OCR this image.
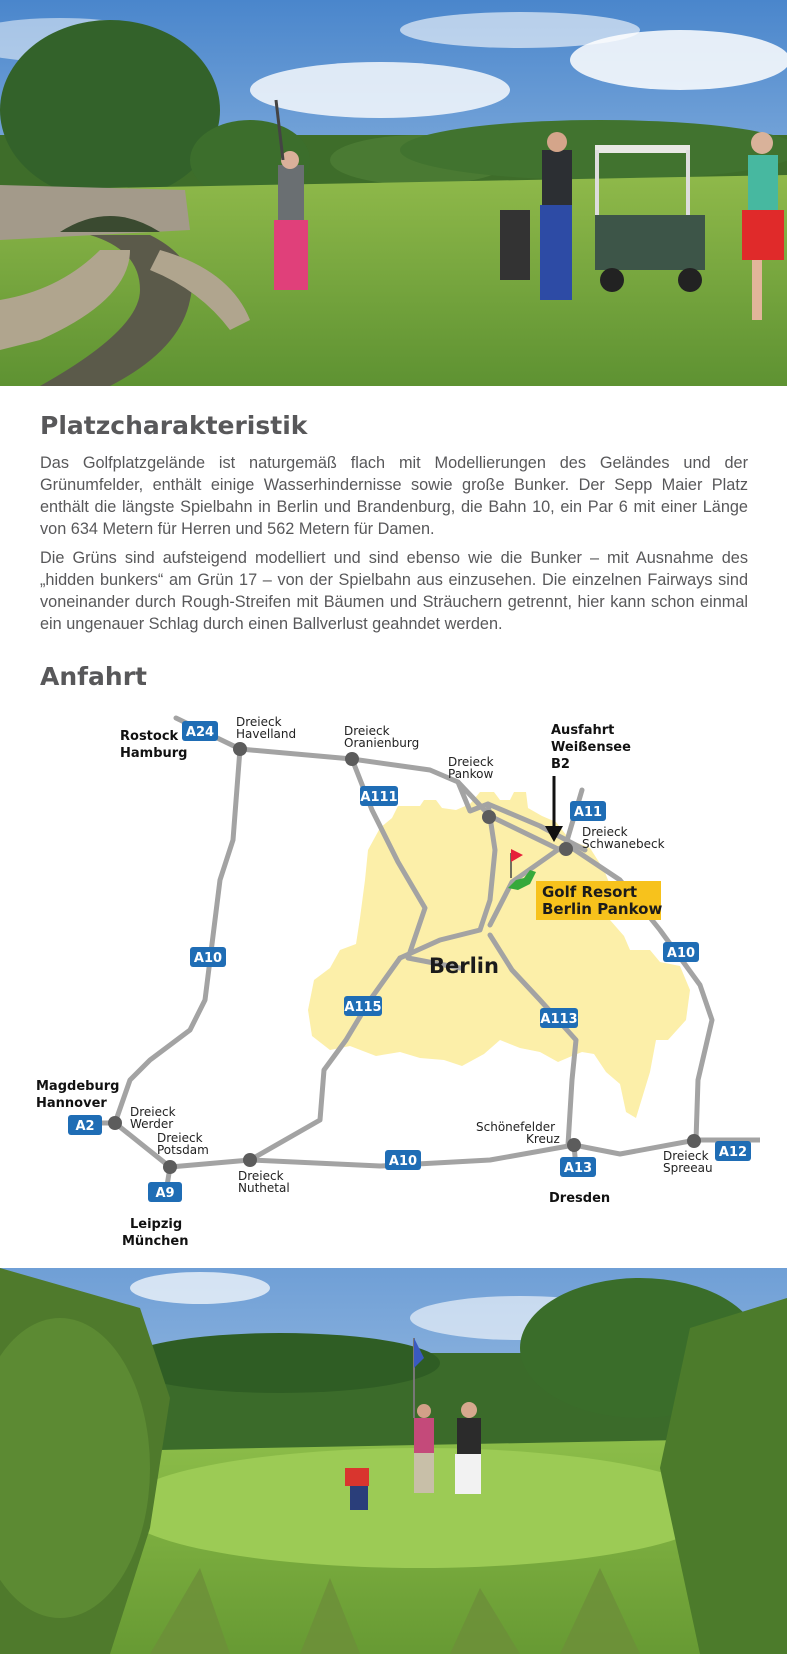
Platzcharakteristik

Das Golfplatzgelände ist naturgemäß flach mit Modellierungen des Geländes und der Grünumfelder, enthält einige Wasserhindernisse sowie große Bunker. Der Sepp Maier Platz enthält die längste Spielbahn in Berlin und Brandenburg, die Bahn 10, ein Par 6 mit einer Länge von 634 Metern für Herren und 562 Metern für Damen.

Die Grüns sind aufsteigend modelliert und sind ebenso wie die Bunker – mit Ausnahme des „hidden bunkers“ am Grün 17 – von der Spielbahn aus einzusehen. Die einzelnen Fairways sind voneinander durch Rough-Streifen mit Bäumen und Sträuchern getrennt, hier kann schon einmal ein ungenauer Schlag durch einen Ballverlust geahndet werden.

Anfahrt
Golf Resort
Berlin Pankow
Ausfahrt
Weißensee
B2
Berlin
A24
A111
A11
A10	A10
A115
A113
A2
A9
A10	A13
A12
Rostock
Hamburg
Magdeburg
Hannover
Leipzig
München
Dresden
Dreieck
Havelland	Dreieck
Oranienburg
Dreieck
Pankow
Dreieck
Schwanebeck
Dreieck
Werder
Dreieck
Potsdam
Dreieck
Nuthetal
Schönefelder
Kreuz
Dreieck
Spreeau
